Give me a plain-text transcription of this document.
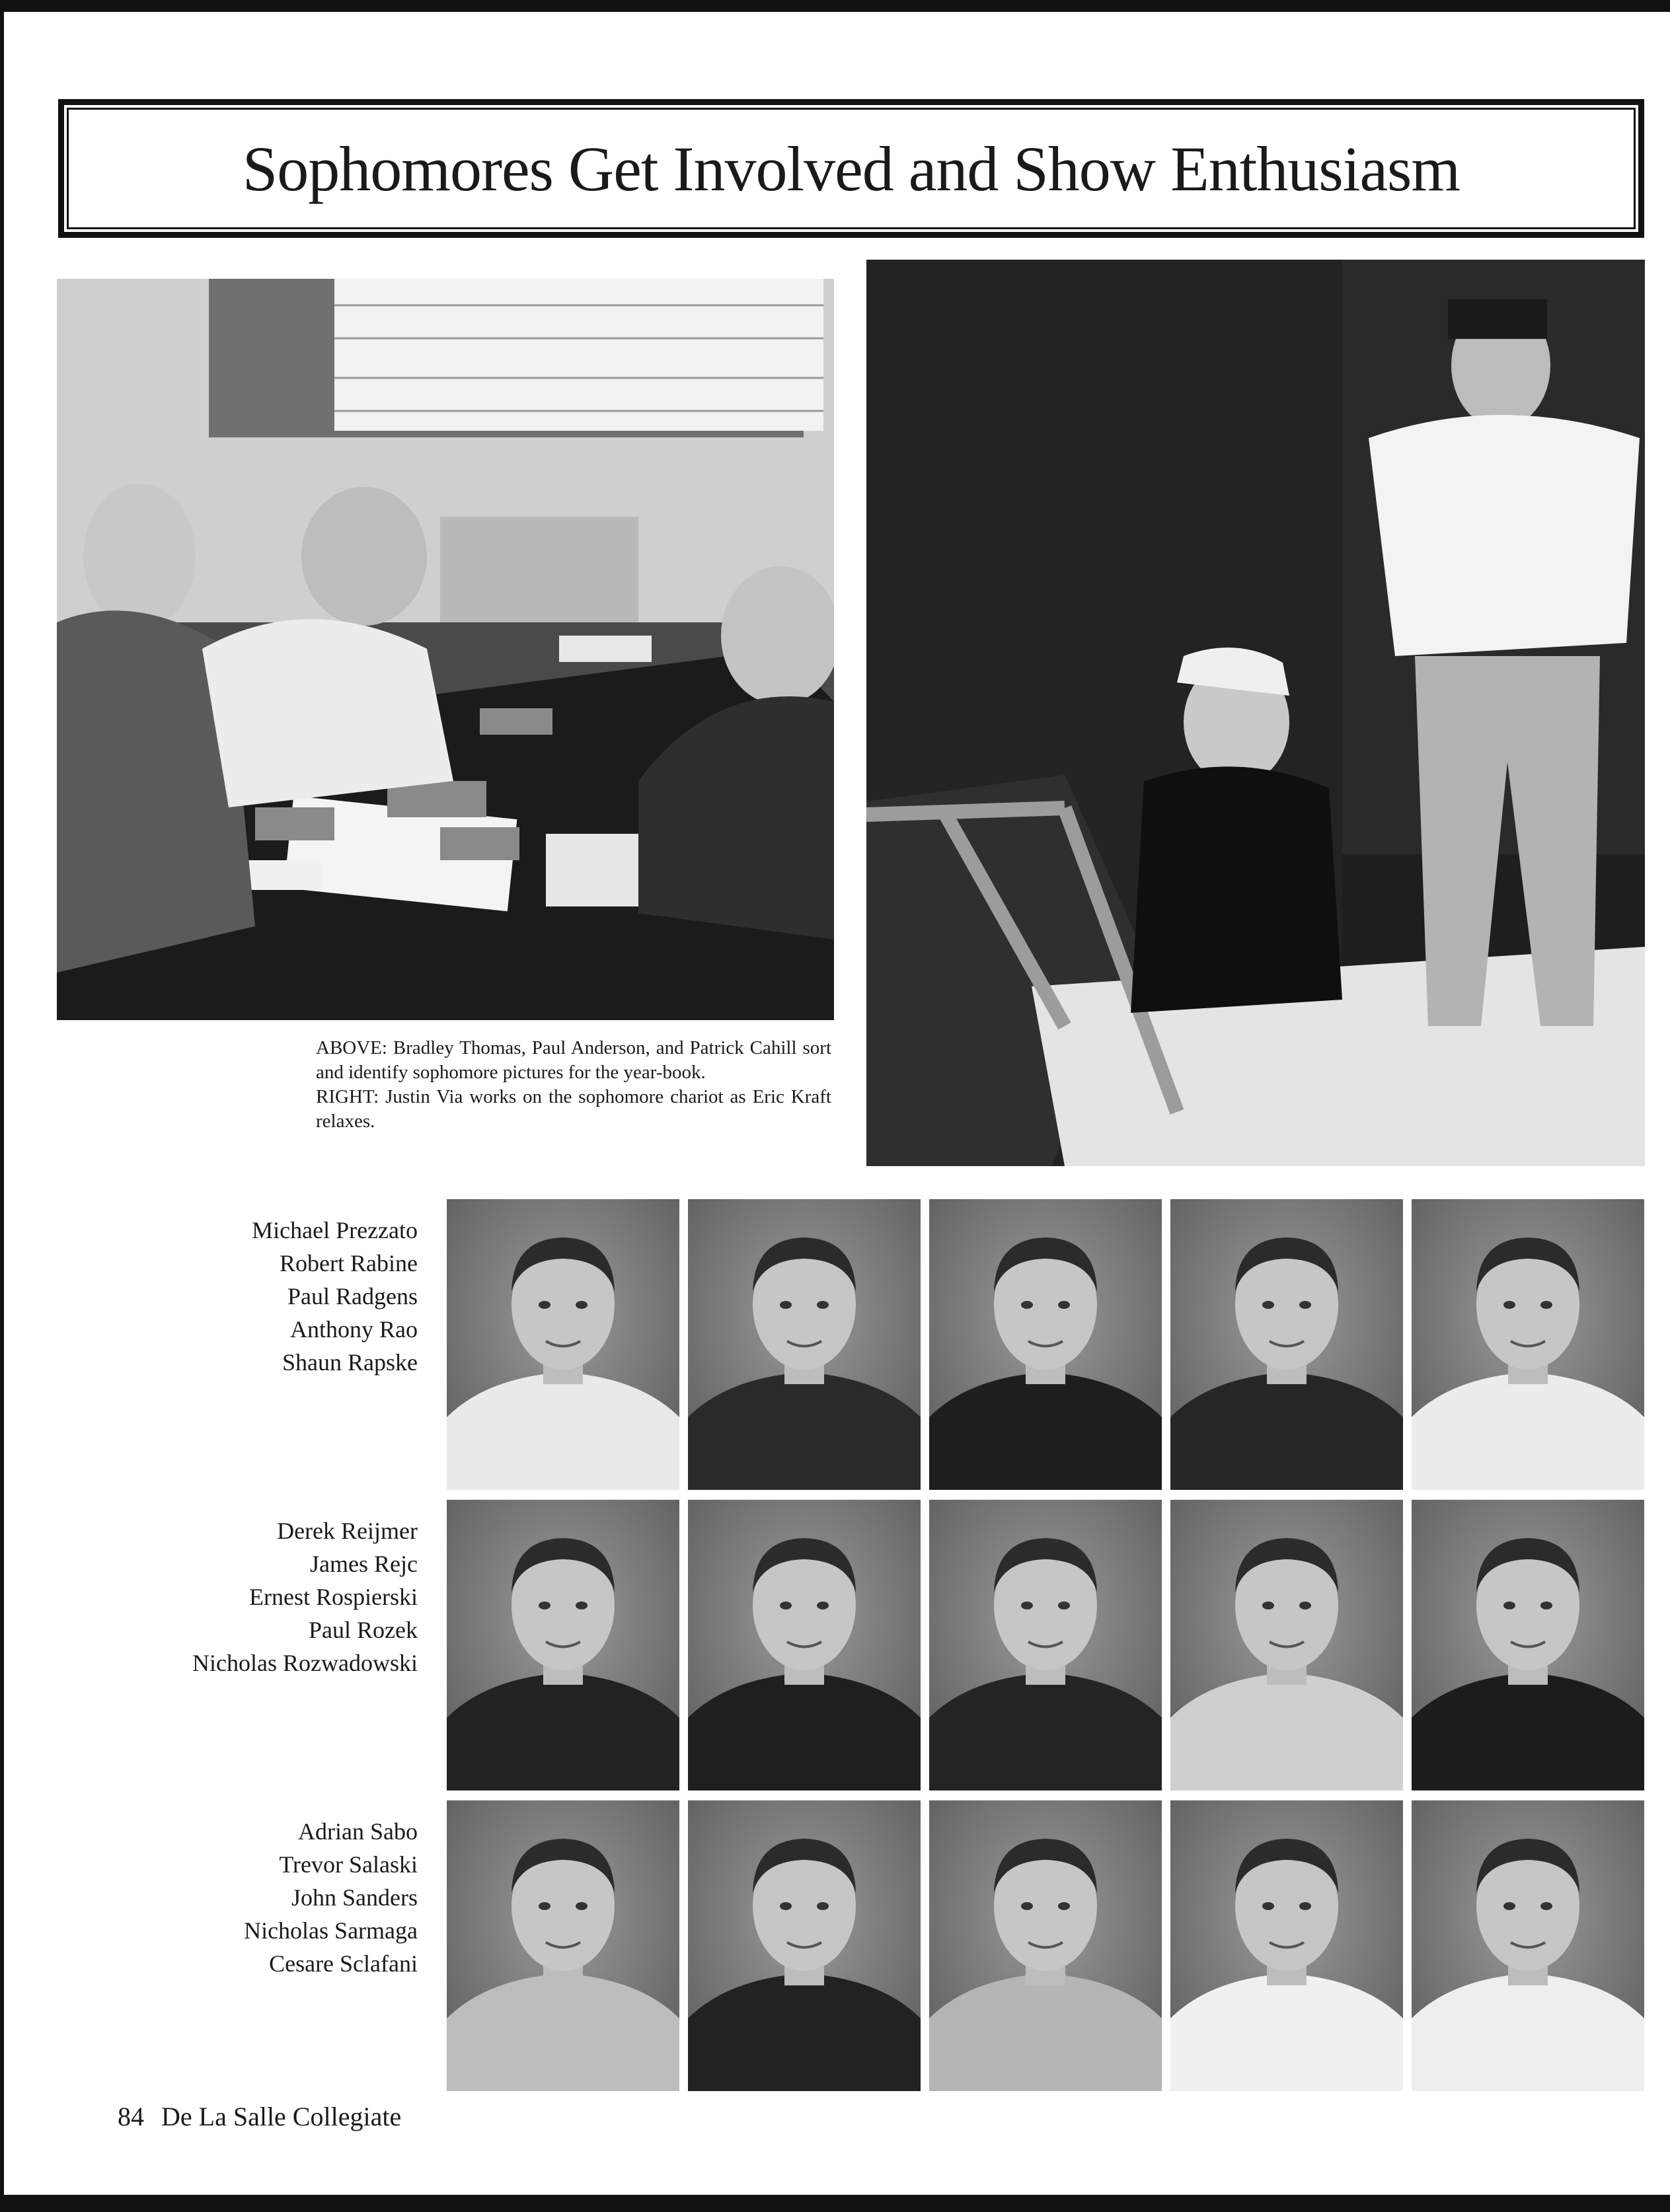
Sophomores Get Involved and Show Enthusiasm

ABOVE: Bradley Thomas, Paul Anderson, and Patrick Cahill sort and identify sophomore pictures for the year-book.

RIGHT: Justin Via works on the sophomore chariot as Eric Kraft relaxes.

Michael Prezzato
Robert Rabine
Paul Radgens
Anthony Rao
Shaun Rapske
Derek Reijmer
James Rejc
Ernest Rospierski
Paul Rozek
Nicholas Rozwadowski
Adrian Sabo
Trevor Salaski
John Sanders
Nicholas Sarmaga
Cesare Sclafani
84 De La Salle Collegiate
